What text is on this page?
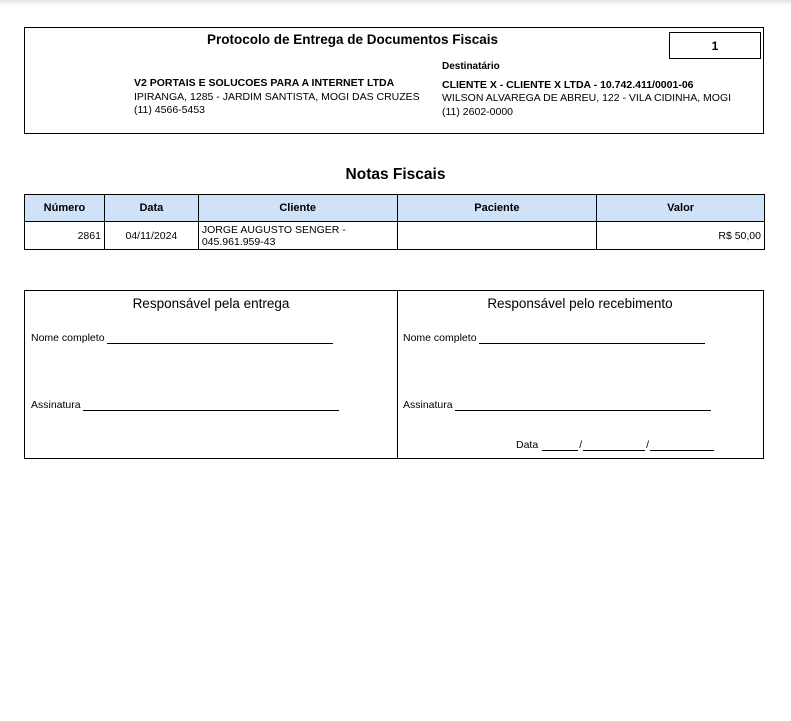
Protocolo de Entrega de Documentos Fiscais	1
V2 PORTAIS E SOLUCOES PARA A INTERNET LTDA
IPIRANGA, 1285 - JARDIM SANTISTA, MOGI DAS CRUZES
(11) 4566-5453
Destinatário
CLIENTE X - CLIENTE X LTDA - 10.742.411/0001-06
WILSON ALVAREGA DE ABREU, 122 - VILA CIDINHA, MOGI
(11) 2602-0000
Notas Fiscais
Número	Data	Cliente	Paciente	Valor
2861	04/11/2024	JORGE AUGUSTO SENGER -
045.961.959-43		R$ 50,00
Responsável pela entrega
Nome completo
Assinatura
Responsável pelo recebimento
Nome completo
Assinatura
Data	/	/
